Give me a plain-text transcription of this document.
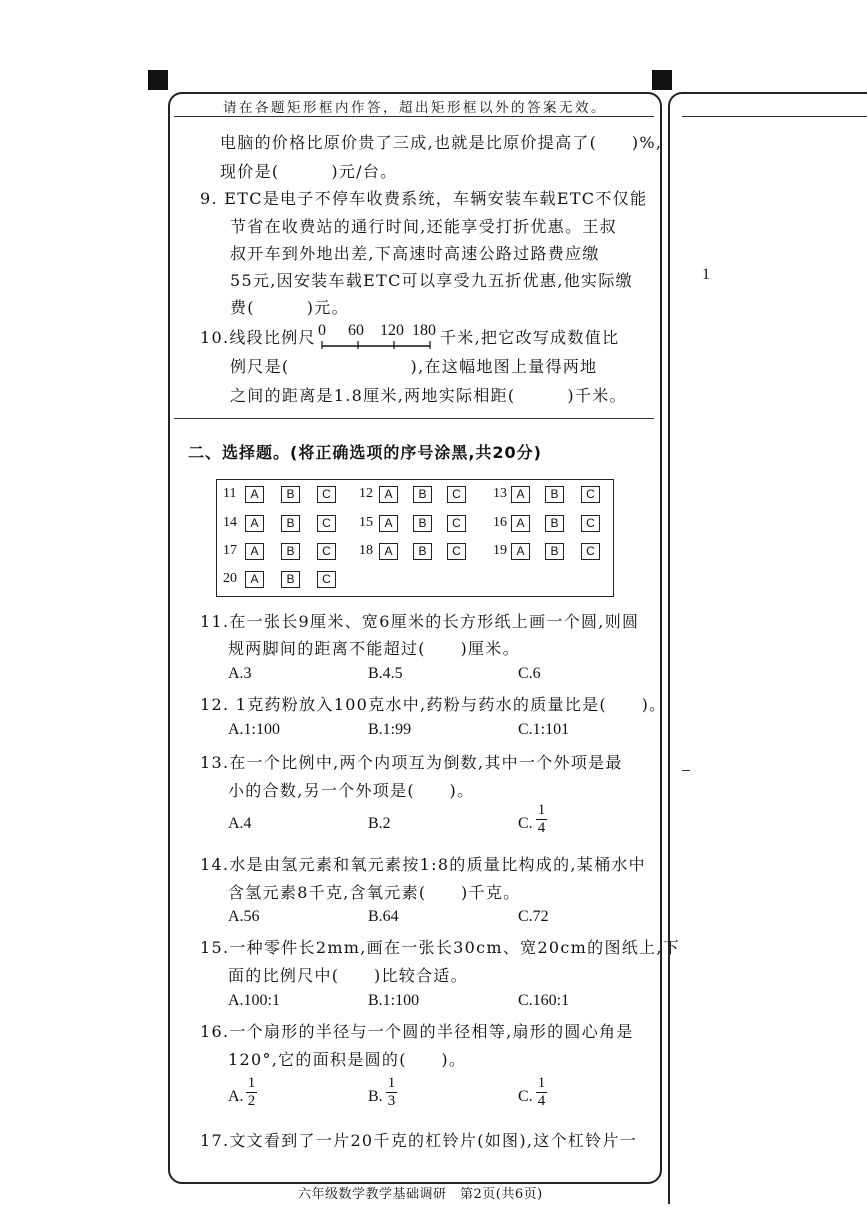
请在各题矩形框内作答，超出矩形框以外的答案无效。
电脑的价格比原价贵了三成,也就是比原价提高了(　　)%,
现价是(　　　)元/台。
9. ETC是电子不停车收费系统，车辆安装车载ETC不仅能
节省在收费站的通行时间,还能享受打折优惠。王叔
叔开车到外地出差,下高速时高速公路过路费应缴
55元,因安装车载ETC可以享受九五折优惠,他实际缴
费(　　　)元。
10.线段比例尺 0 60 120 180 千米,把它改写成数值比
例尺是(　　　　　　　),在这幅地图上量得两地
之间的距离是1.8厘米,两地实际相距(　　　)千米。
二、选择题。(将正确选项的序号涂黑,共20分)
11	A	B	C	12 A	B	C	13 A	B	C
14	A	B	C	15 A	B	C	16 A	B	C
17	A	B	C	18 A	B	C	19 A	B	C
20	A	B	C
11.在一张长9厘米、宽6厘米的长方形纸上画一个圆,则圆
规两脚间的距离不能超过(　　)厘米。
A.3	B.4.5	C.6
12. 1克药粉放入100克水中,药粉与药水的质量比是(　　)。
A.1:100	B.1:99	C.1:101
13.在一个比例中,两个内项互为倒数,其中一个外项是最
小的合数,另一个外项是(　　)。
A.4	B.2	C.
1
4
14.水是由氢元素和氧元素按1:8的质量比构成的,某桶水中
含氢元素8千克,含氧元素(　　)千克。
A.56	B.64	C.72
15.一种零件长2mm,画在一张长30cm、宽20cm的图纸上,下
面的比例尺中(　　)比较合适。
A.100:1	B.1:100	C.160:1
16.一个扇形的半径与一个圆的半径相等,扇形的圆心角是
120°,它的面积是圆的(　　)。
A.
1
2	B.
1
3	C.
1
4
17.文文看到了一片20千克的杠铃片(如图),这个杠铃片一
六年级数学教学基础调研　第2页(共6页)
1
